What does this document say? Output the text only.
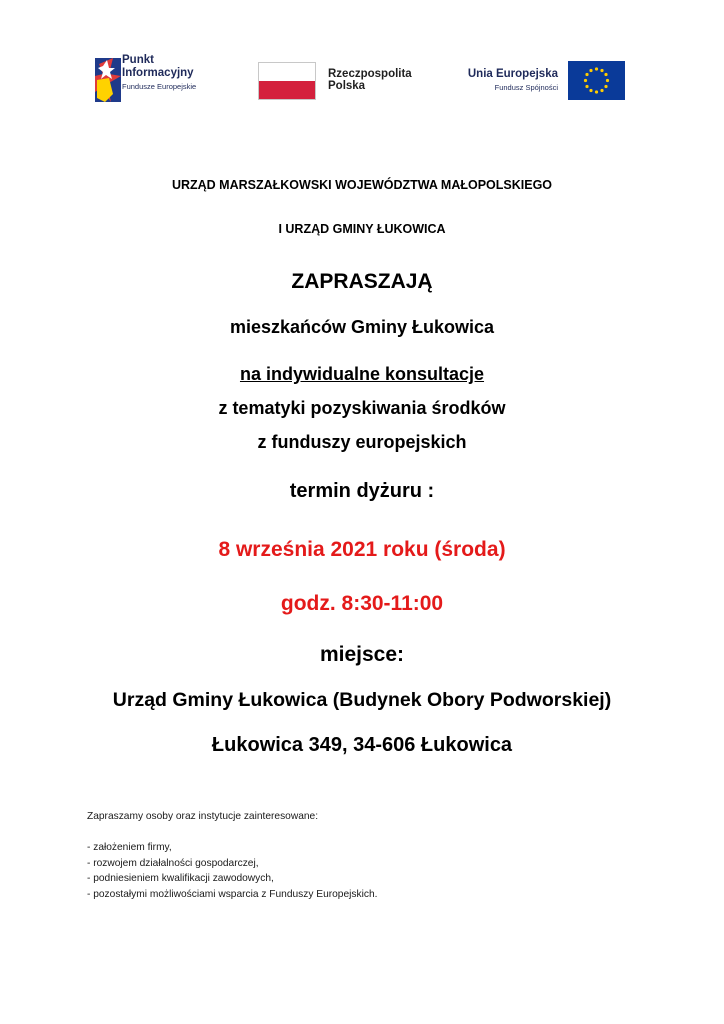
Punkt
Informacyjny
Fundusze Europejskie
Rzeczpospolita
Polska
Unia Europejska
Fundusz Spójności
URZĄD MARSZAŁKOWSKI WOJEWÓDZTWA MAŁOPOLSKIEGO
I URZĄD GMINY ŁUKOWICA
ZAPRASZAJĄ
mieszkańców Gminy Łukowica
na indywidualne konsultacje
z tematyki pozyskiwania środków
z funduszy europejskich
termin dyżuru :
8 września 2021 roku (środa)
godz. 8:30-11:00
miejsce:
Urząd Gminy Łukowica (Budynek Obory Podworskiej)
Łukowica 349, 34-606 Łukowica
Zapraszamy osoby oraz instytucje zainteresowane:
- założeniem firmy,
- rozwojem działalności gospodarczej,
- podniesieniem kwalifikacji zawodowych,
- pozostałymi możliwościami wsparcia z Funduszy Europejskich.
